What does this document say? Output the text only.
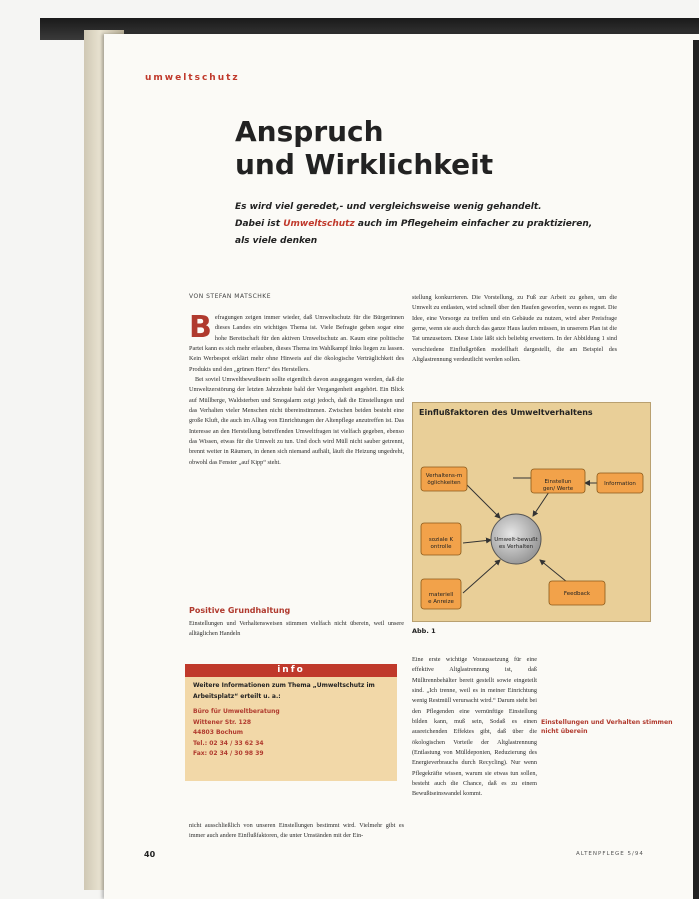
umweltschutz
Anspruch
und Wirklichkeit
Es wird viel geredet,- und vergleichsweise wenig gehandelt.
Dabei ist Umweltschutz auch im Pflegeheim einfacher zu praktizieren,
als viele denken
VON STEFAN MATSCHKE
B efragungen zeigen immer wieder, daß Umweltschutz für die Bürgerinnen dieses Landes ein wichtiges Thema ist. Viele Befragte geben sogar eine hohe Bereitschaft für den aktiven Umweltschutz an. Kaum eine politische Partei kann es sich mehr erlauben, dieses Thema im Wahlkampf links liegen zu lassen. Kein Werbespot erklärt mehr ohne Hinweis auf die ökologische Verträglichkeit des Produkts und den „grünen Herz“ des Herstellers.

Bei soviel Umweltbewußtsein sollte eigentlich davon ausgegangen werden, daß die Umweltzerstörung der letzten Jahrzehnte bald der Vergangenheit angehört. Ein Blick auf Müllberge, Waldsterben und Smogalarm zeigt jedoch, daß die Einstellungen und das Verhalten vieler Menschen nicht übereinstimmen. Zwischen beiden besteht eine große Kluft, die auch im Alltag von Einrichtungen der Altenpflege anzutreffen ist. Das Interesse an den Herstellung betreffenden Umweltfragen ist vielfach gegeben, ebenso das Wissen, etwas für die Umwelt zu tun. Und doch wird Müll nicht sauber getrennt, brennt weiter in Räumen, in denen sich niemand aufhält, läuft die Heizung ungedreht, obwohl das Fenster „auf Kipp“ steht.

Positive Grundhaltung
Einstellungen und Verhaltensweisen stimmen vielfach nicht überein, weil unsere alltäglichen Handeln
info
Weitere Informationen zum Thema „Umweltschutz im Arbeitsplatz“ erteilt u. a.:
Büro für Umweltberatung
Wittener Str. 128
44803 Bochum
Tel.: 02 34 / 33 62 34
Fax: 02 34 / 30 98 39
nicht ausschließlich von unseren Einstellungen bestimmt wird. Vielmehr gibt es immer auch andere Einflußfaktoren, die unter Umständen mit der Ein-
stellung konkurrieren. Die Vorstellung, zu Fuß zur Arbeit zu gehen, um die Umwelt zu entlasten, wird schnell über den Haufen geworfen, wenn es regnet. Die Idee, eine Vorsorge zu treffen und ein Gebäude zu nutzen, wird aber Preisfrage gerne, wenn sie auch durch das ganze Haus laufen müssen, in unserem Plan ist die Tat umzusetzen. Diese Liste läßt sich beliebig erweitern. In der Abbildung 1 sind verschiedene Einflußgrößen modellhaft dargestellt, die am Beispiel des Altglastrennung verdeutlicht werden sollen.
Einflußfaktoren des Umweltverhaltens
Verhaltens-m öglichkeiten	Einstellun gen/ Werte
Information
soziale K ontrolle
materiell e Anreize
Feedback
Umwelt-bewußt es Verhalten
Abb. 1
Eine erste wichtige Voraussetzung für eine effektive Altglastrennung ist, daß Mülltrennbehälter bereit gestellt sowie eingeteilt sind. „Ich trenne, weil es in meiner Einrichtung wenig Restmüll verursacht wird.“ Darum steht bei den Pflegenden eine vernünftige Einstellung bilden kann, muß sein, Sodaß es einen ausreichenden Effektes gibt, daß über die ökologischen Vorteile der Altglastrennung (Entlastung von Mülldeponien, Reduzierung des Energieverbrauchs durch Recycling). Nur wenn Pflegekräfte wissen, warum sie etwas tun sollen, besteht auch die Chance, daß es zu einem Bewußtseinswandel kommt.
Einstellungen und Verhalten stimmen nicht überein
40	ALTENPFLEGE 5/94
